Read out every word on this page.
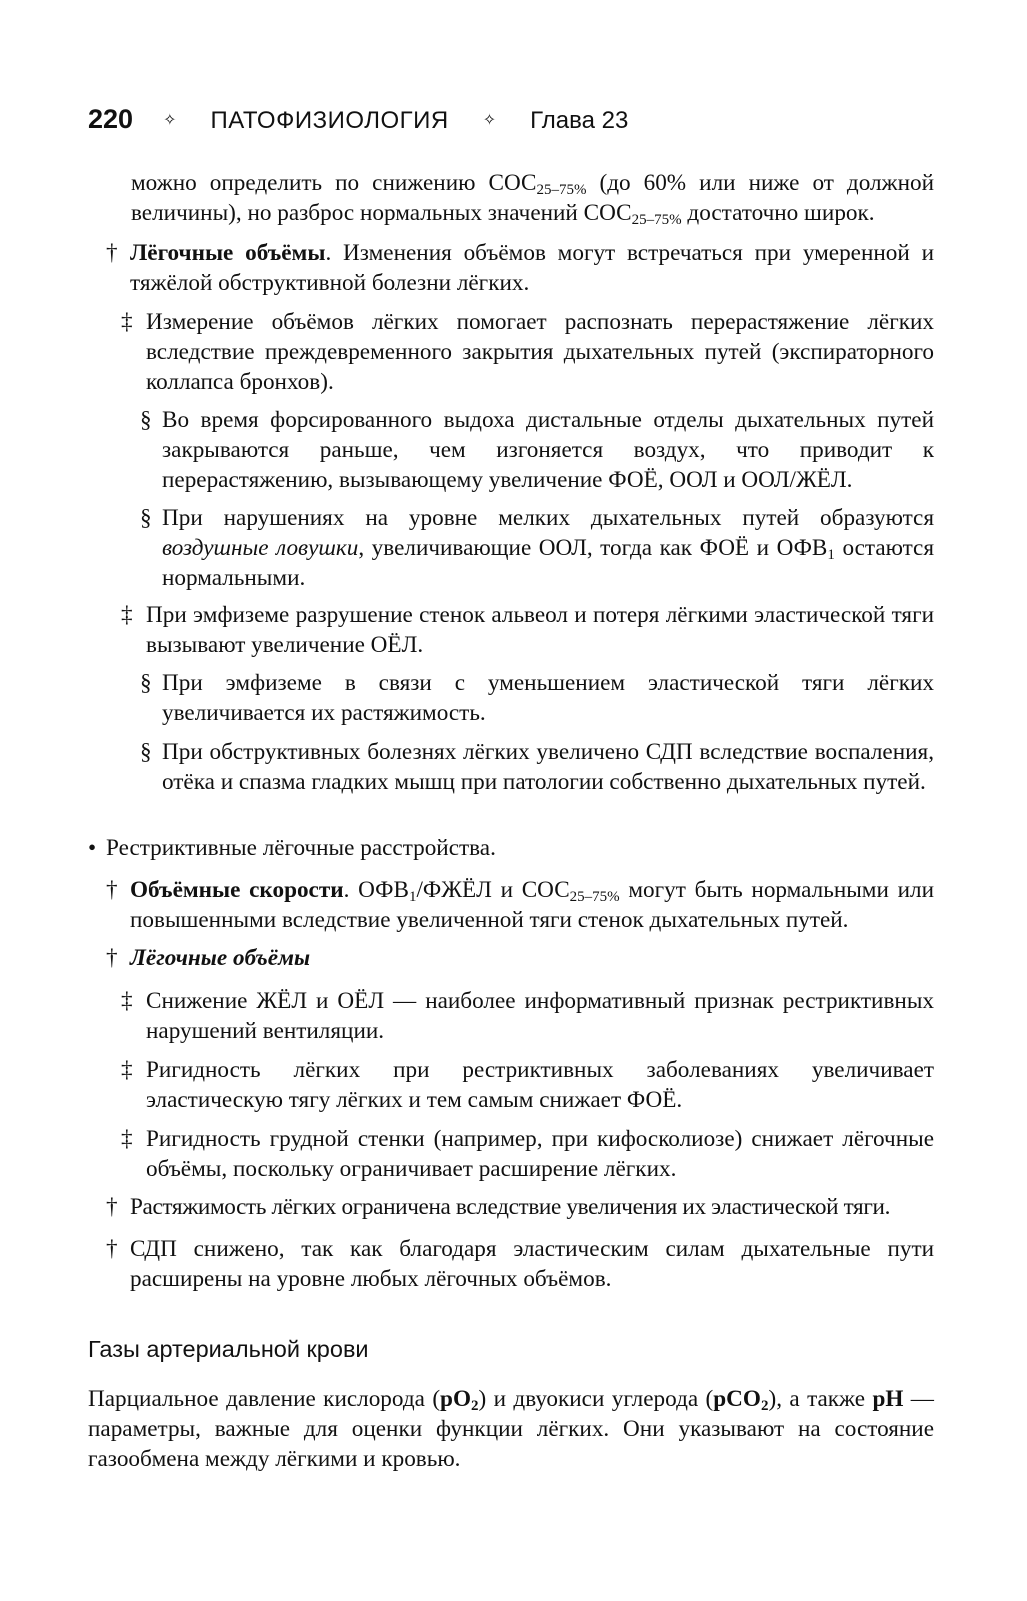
220 ✧ ПАТОФИЗИОЛОГИЯ ✧ Глава 23
можно определить по снижению $СОС_{25-75\%}$ (до 60% или ниже от должной величины), но разброс нормальных значений $СОС_{25-75\%}$ достаточно широк.
† Лёгочные объёмы. Изменения объёмов могут встречаться при умеренной и тяжёлой обструктивной болезни лёгких.
‡ Измерение объёмов лёгких помогает распознать перерастяжение лёгких вследствие преждевременного закрытия дыхательных путей (экспираторного коллапса бронхов).
§ Во время форсированного выдоха дистальные отделы дыхательных путей закрываются раньше, чем изгоняется воздух, что приводит к перерастяжению, вызывающему увеличение ФОЁ, ООЛ и ООЛ/ЖЁЛ.
§ При нарушениях на уровне мелких дыхательных путей образуются воздушные ловушки, увеличивающие ООЛ, тогда как ФОЁ и $ОФВ_1$ остаются нормальными.
‡ При эмфиземе разрушение стенок альвеол и потеря лёгкими эластической тяги вызывают увеличение ОЁЛ.
§ При эмфиземе в связи с уменьшением эластической тяги лёгких увеличивается их растяжимость.
§ При обструктивных болезнях лёгких увеличено СДП вследствие воспаления, отёка и спазма гладких мышц при патологии собственно дыхательных путей.
• Рестриктивные лёгочные расстройства.
† Объёмные скорости. $ОФВ_1$/ФЖЁЛ и $СОС_{25-75\%}$ могут быть нормальными или повышенными вследствие увеличенной тяги стенок дыхательных путей.
† Лёгочные объёмы
‡ Снижение ЖЁЛ и ОЁЛ — наиболее информативный признак рестриктивных нарушений вентиляции.
‡ Ригидность лёгких при рестриктивных заболеваниях увеличивает эластическую тягу лёгких и тем самым снижает ФОЁ.
‡ Ригидность грудной стенки (например, при кифосколиозе) снижает лёгочные объёмы, поскольку ограничивает расширение лёгких.
† Растяжимость лёгких ограничена вследствие увеличения их эластической тяги.
† СДП снижено, так как благодаря эластическим силам дыхательные пути расширены на уровне любых лёгочных объёмов.
Газы артериальной крови
Парциальное давление кислорода $(pO_2)$ и двуокиси углерода (pCO$_2$), а также pH — параметры, важные для оценки функции лёгких. Они указывают на состояние газообмена между лёгкими и кровью.
